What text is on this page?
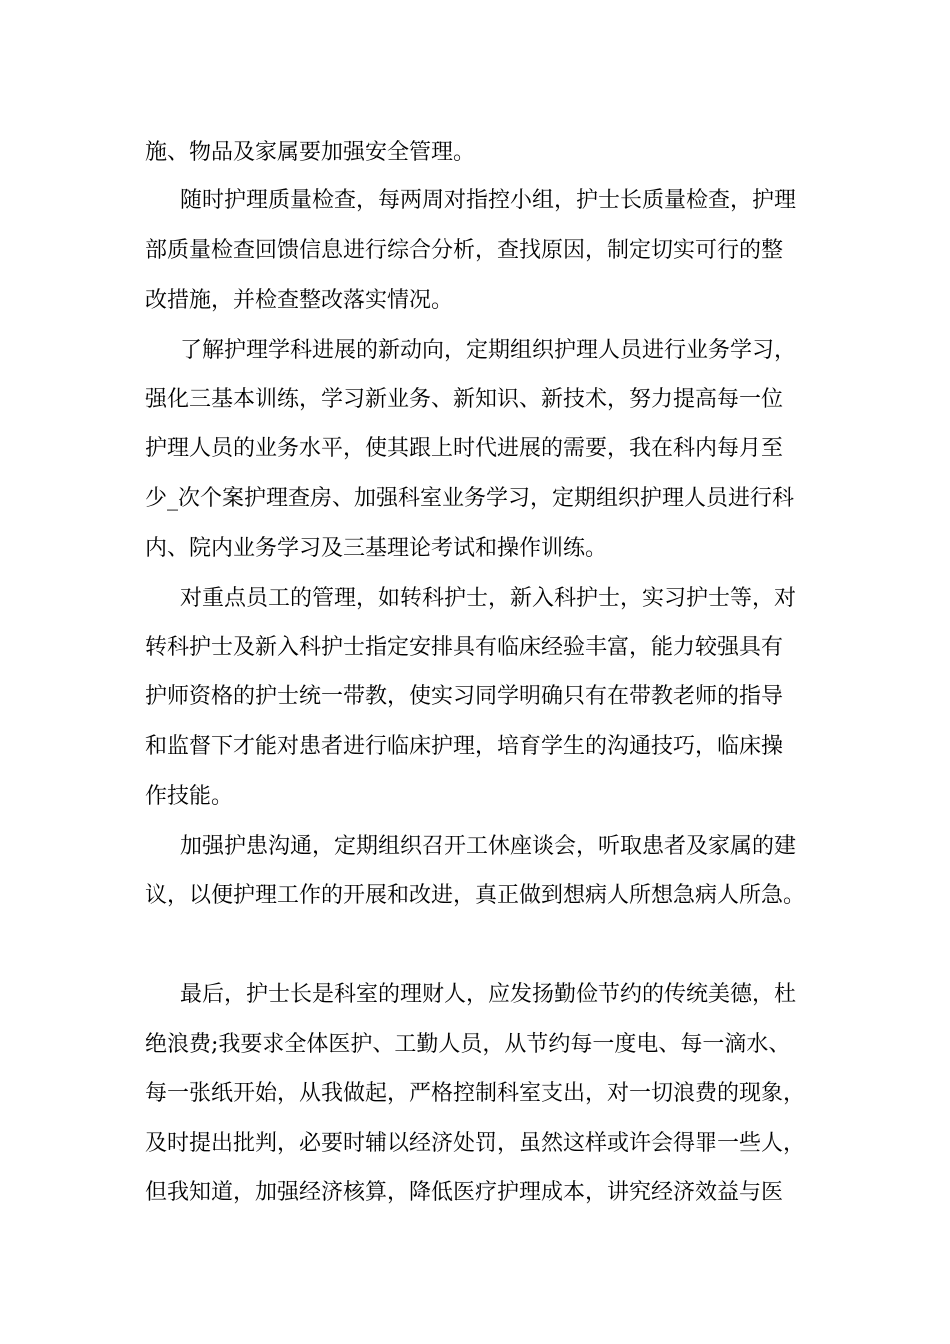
施、物品及家属要加强安全管理。
随时护理质量检查，每两周对指控小组，护士长质量检查，护理
部质量检查回馈信息进行综合分析，查找原因，制定切实可行的整
改措施，并检查整改落实情况。
了解护理学科进展的新动向，定期组织护理人员进行业务学习，
强化三基本训练，学习新业务、新知识、新技术，努力提高每一位
护理人员的业务水平，使其跟上时代进展的需要，我在科内每月至
少_次个案护理查房、加强科室业务学习，定期组织护理人员进行科
内、院内业务学习及三基理论考试和操作训练。
对重点员工的管理，如转科护士，新入科护士，实习护士等，对
转科护士及新入科护士指定安排具有临床经验丰富，能力较强具有
护师资格的护士统一带教，使实习同学明确只有在带教老师的指导
和监督下才能对患者进行临床护理，培育学生的沟通技巧，临床操
作技能。
加强护患沟通，定期组织召开工休座谈会，听取患者及家属的建
议，以便护理工作的开展和改进，真正做到想病人所想急病人所急。
最后，护士长是科室的理财人，应发扬勤俭节约的传统美德，杜
绝浪费;我要求全体医护、工勤人员，从节约每一度电、每一滴水、
每一张纸开始，从我做起，严格控制科室支出，对一切浪费的现象，
及时提出批判，必要时辅以经济处罚，虽然这样或许会得罪一些人，
但我知道，加强经济核算，降低医疗护理成本，讲究经济效益与医
